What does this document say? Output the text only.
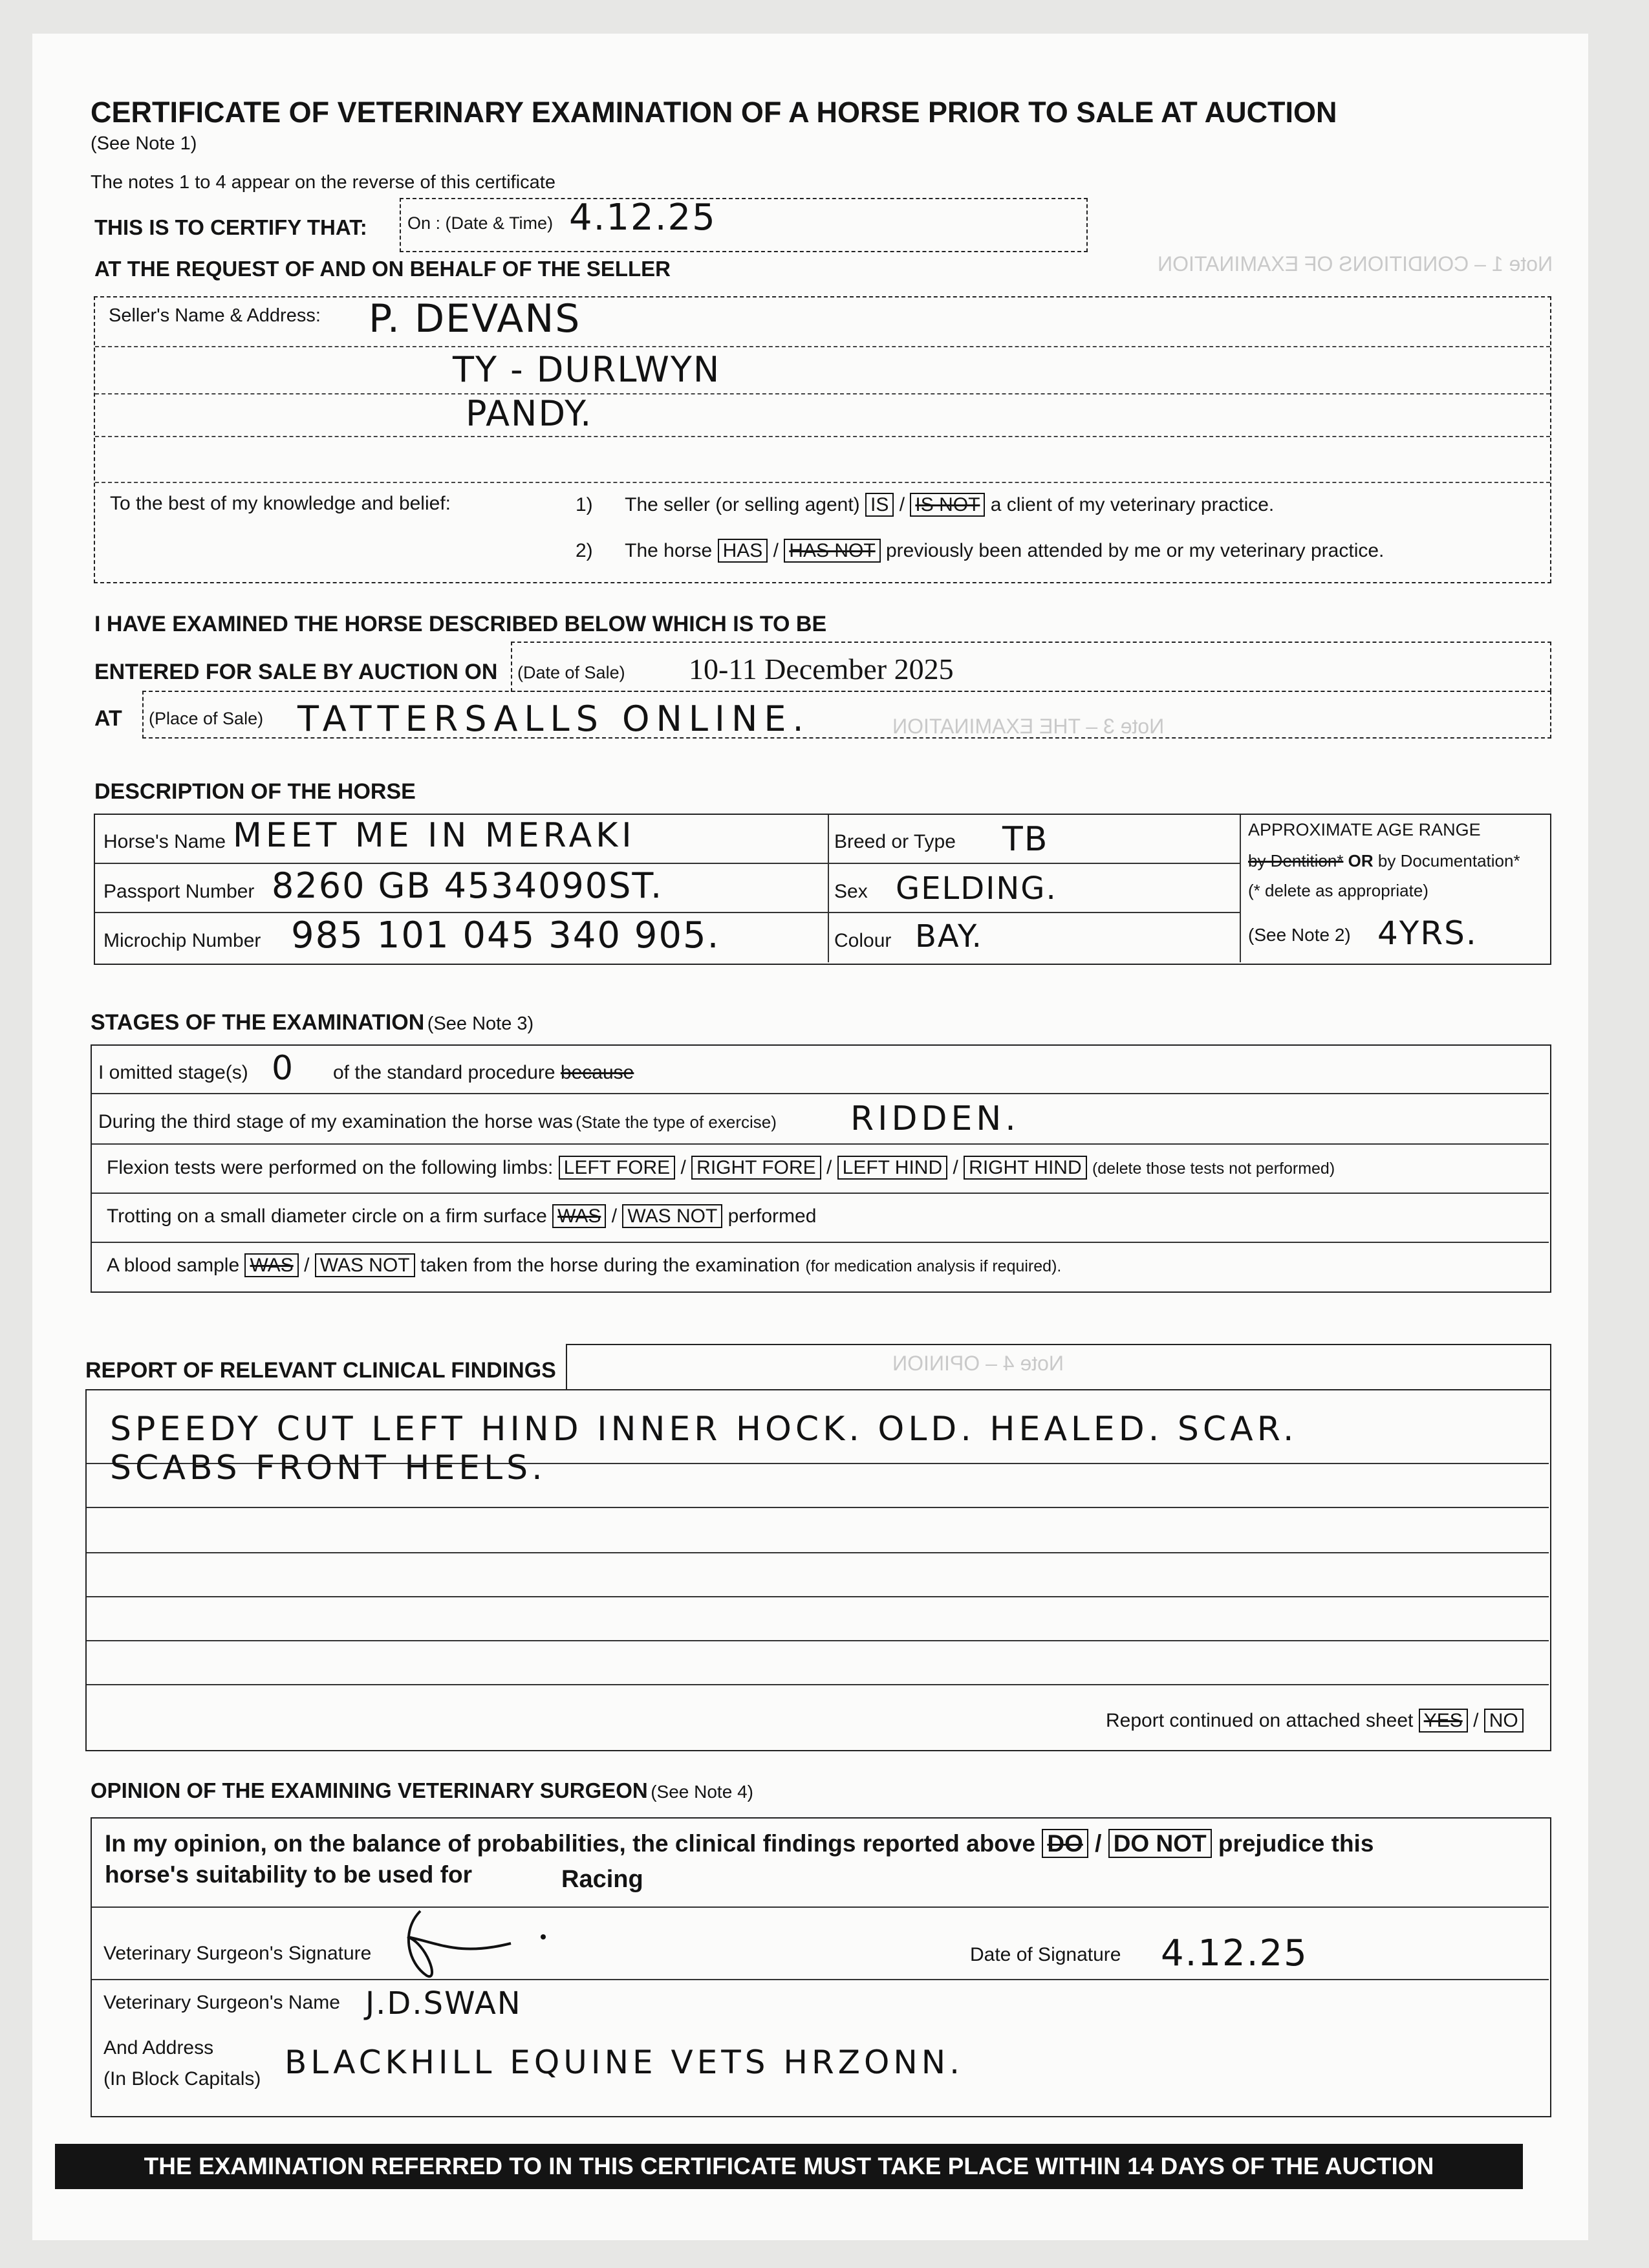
Note 1 – CONDITIONS OF EXAMINATION
Note 4 – OPINION
Note 3 – THE EXAMINATION
CERTIFICATE OF VETERINARY EXAMINATION OF A HORSE PRIOR TO SALE AT AUCTION
(See Note 1)
The notes 1 to 4 appear on the reverse of this certificate
THIS IS TO CERTIFY THAT: On : (Date & Time) 4.12.25
AT THE REQUEST OF AND ON BEHALF OF THE SELLER
Seller's Name & Address: P. DEVANS
TY - DURLWYN
PANDY.
To the best of my knowledge and belief:	1) The seller (or selling agent) IS / IS NOT a client of my veterinary practice.
2) The horse HAS / HAS NOT previously been attended by me or my veterinary practice.
I HAVE EXAMINED THE HORSE DESCRIBED BELOW WHICH IS TO BE
ENTERED FOR SALE BY AUCTION ON (Date of Sale) 10-11 December 2025
AT (Place of Sale) TATTERSALLS ONLINE.
DESCRIPTION OF THE HORSE
Horse's Name MEET ME IN MERAKI
Passport Number 8260 GB 4534090ST.
Microchip Number 985 101 045 340 905.
Breed or Type TB
Sex GELDING.
Colour BAY.
APPROXIMATE AGE RANGE
by Dentition* OR by Documentation*
(* delete as appropriate)
(See Note 2) 4YRS.
STAGES OF THE EXAMINATION (See Note 3)
I omitted stage(s) 0 of the standard procedure because
During the third stage of my examination the horse was (State the type of exercise) RIDDEN.
Flexion tests were performed on the following limbs: LEFT FORE / RIGHT FORE / LEFT HIND / RIGHT HIND (delete those tests not performed)
Trotting on a small diameter circle on a firm surface WAS / WAS NOT performed
A blood sample WAS / WAS NOT taken from the horse during the examination (for medication analysis if required).
REPORT OF RELEVANT CLINICAL FINDINGS
SPEEDY CUT LEFT HIND INNER HOCK. OLD. HEALED. SCAR.
SCABS FRONT HEELS.
Report continued on attached sheet YES / NO
OPINION OF THE EXAMINING VETERINARY SURGEON (See Note 4)
In my opinion, on the balance of probabilities, the clinical findings reported above DO / DO NOT prejudice this
horse's suitability to be used for	Racing
Veterinary Surgeon's Signature	Date of Signature 4.12.25
Veterinary Surgeon's Name J.D.SWAN
And Address
(In Block Capitals) BLACKHILL EQUINE VETS HRZONN.
THE EXAMINATION REFERRED TO IN THIS CERTIFICATE MUST TAKE PLACE WITHIN 14 DAYS OF THE AUCTION
